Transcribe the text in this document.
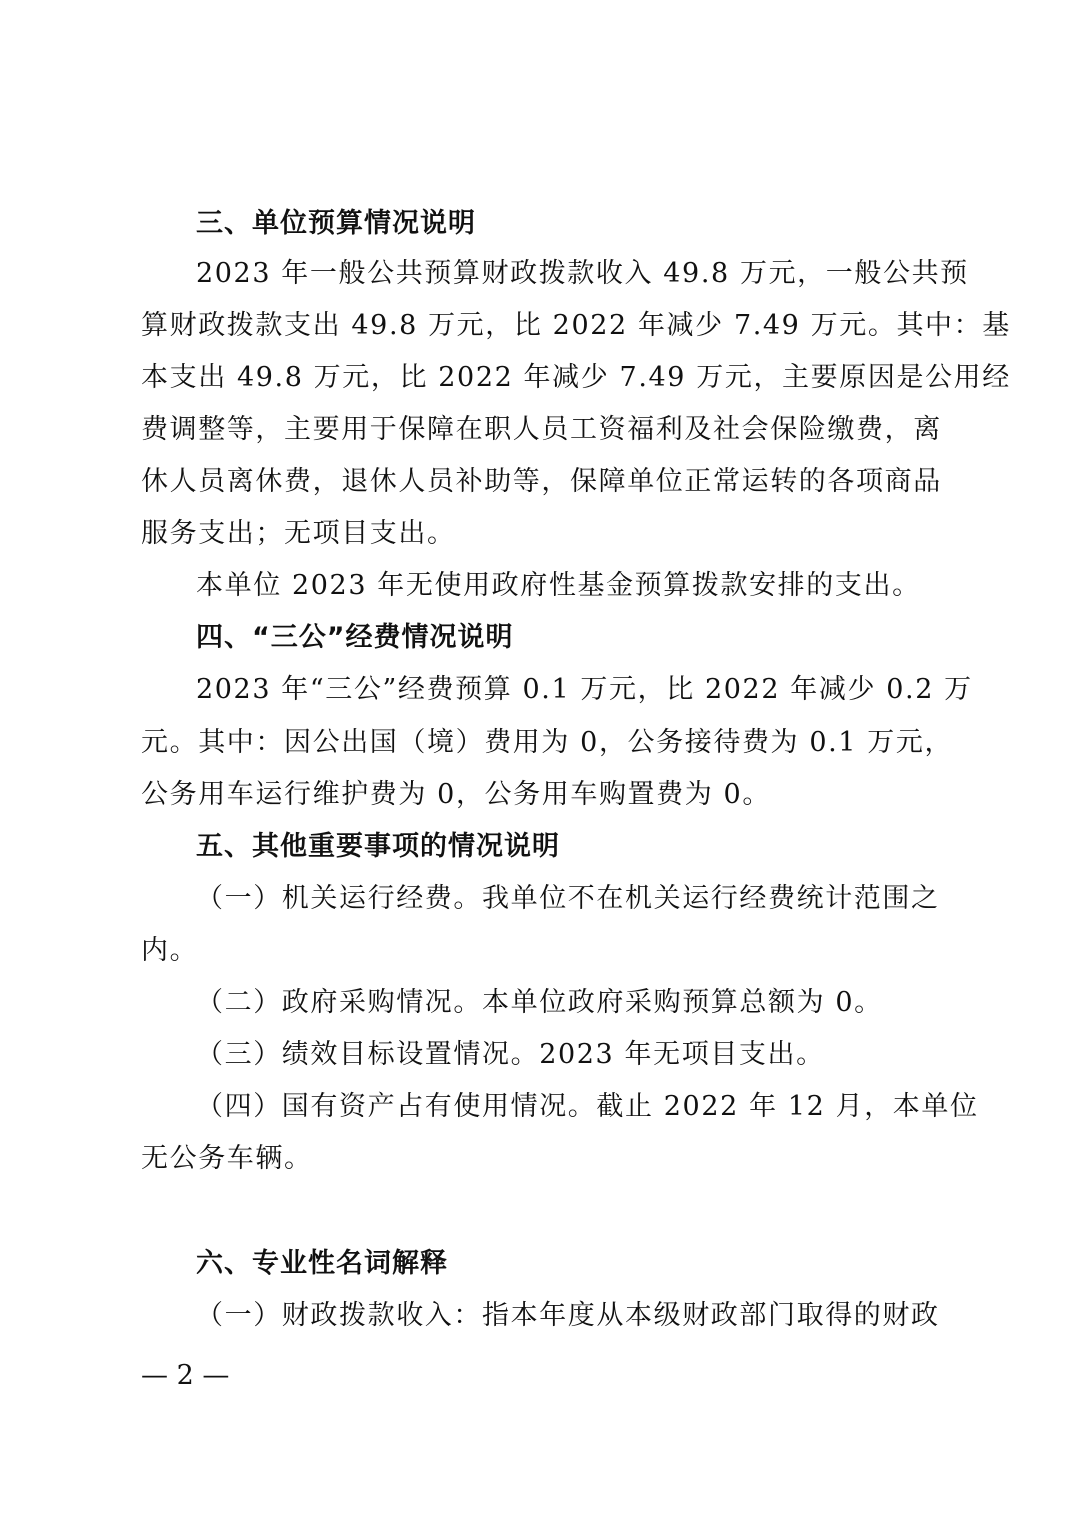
三、单位预算情况说明
2023 年一般公共预算财政拨款收入 49.8 万元，一般公共预
算财政拨款支出 49.8 万元，比 2022 年减少 7.49 万元。其中：基
本支出 49.8 万元，比 2022 年减少 7.49 万元，主要原因是公用经
费调整等，主要用于保障在职人员工资福利及社会保险缴费，离
休人员离休费，退休人员补助等，保障单位正常运转的各项商品
服务支出；无项目支出。
本单位 2023 年无使用政府性基金预算拨款安排的支出。
四、“三公”经费情况说明
2023 年“三公”经费预算 0.1 万元，比 2022 年减少 0.2 万
元。其中：因公出国（境）费用为 0，公务接待费为 0.1 万元，
公务用车运行维护费为 0，公务用车购置费为 0。
五、其他重要事项的情况说明
（一）机关运行经费。我单位不在机关运行经费统计范围之
内。
（二）政府采购情况。本单位政府采购预算总额为 0。
（三）绩效目标设置情况。2023 年无项目支出。
（四）国有资产占有使用情况。截止 2022 年 12 月，本单位
无公务车辆。
六、专业性名词解释
（一）财政拨款收入：指本年度从本级财政部门取得的财政
— 2 —
